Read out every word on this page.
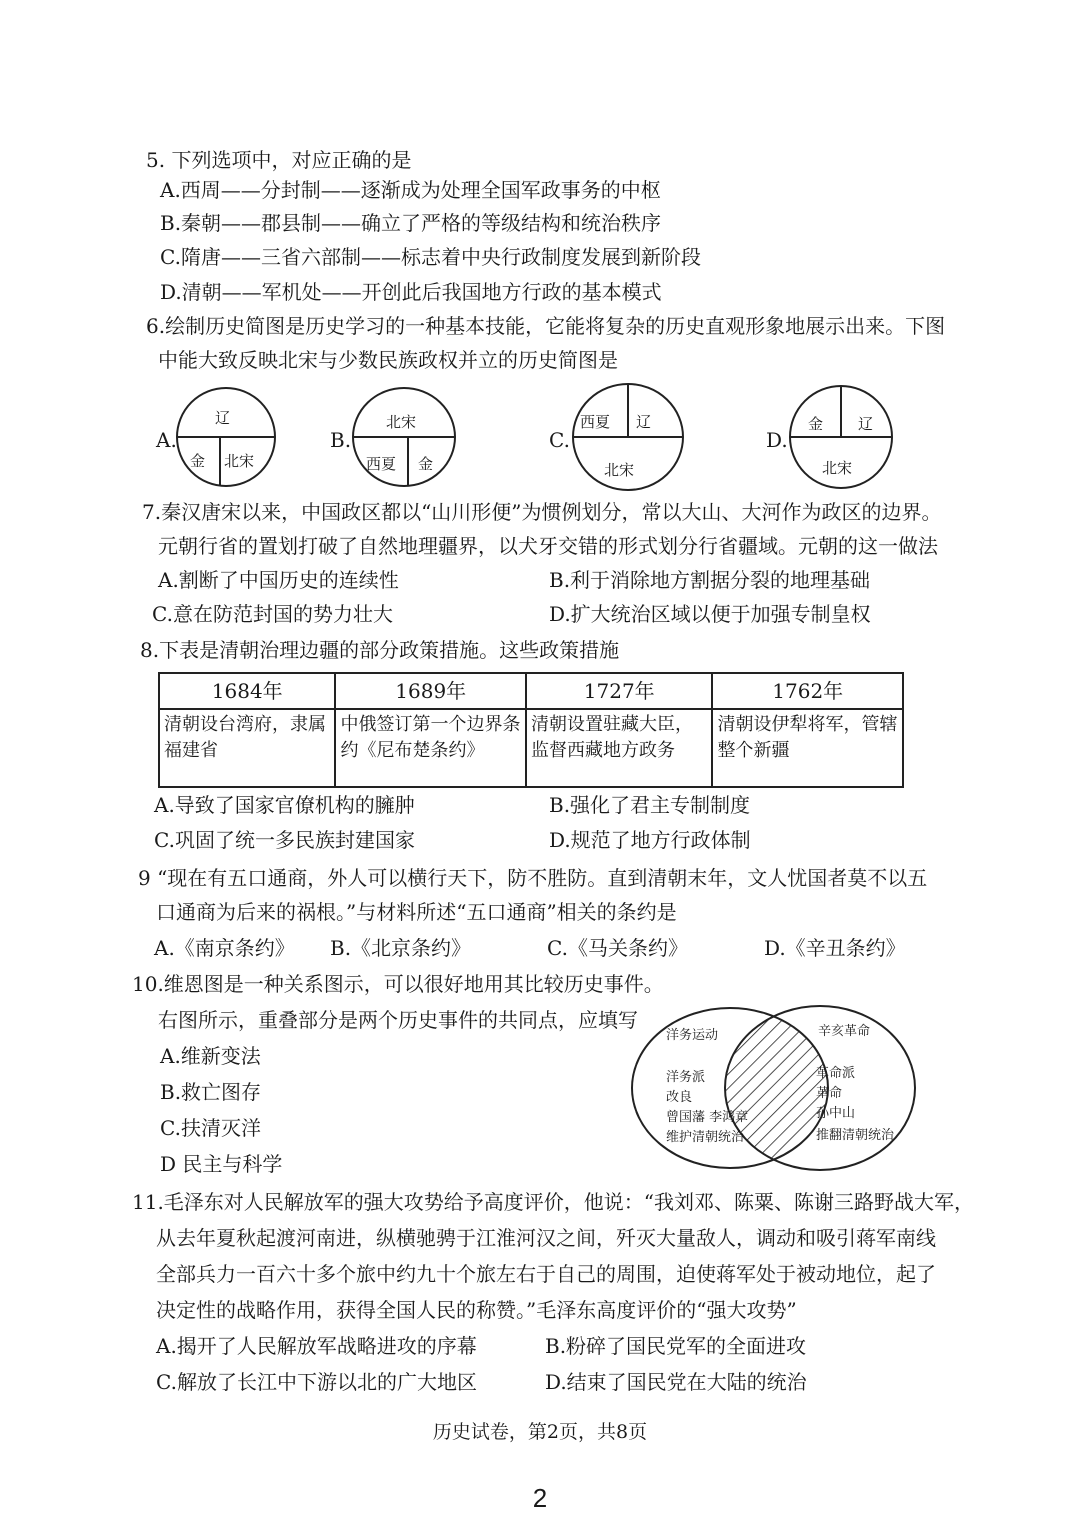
5. 下列选项中，对应正确的是
A.西周——分封制——逐渐成为处理全国军政事务的中枢
B.秦朝——郡县制——确立了严格的等级结构和统治秩序
C.隋唐——三省六部制——标志着中央行政制度发展到新阶段
D.清朝——军机处——开创此后我国地方行政的基本模式
6.绘制历史简图是历史学习的一种基本技能，它能将复杂的历史直观形象地展示出来。下图
中能大致反映北宋与少数民族政权并立的历史简图是
A.
辽
金 北宋
B.
北宋
西夏 金
C.
西夏 辽
北宋
D.
金 辽
北宋
7.秦汉唐宋以来，中国政区都以“山川形便”为惯例划分，常以大山、大河作为政区的边界。
元朝行省的置划打破了自然地理疆界，以犬牙交错的形式划分行省疆域。元朝的这一做法
A.割断了中国历史的连续性	B.利于消除地方割据分裂的地理基础
C.意在防范封国的势力壮大	D.扩大统治区域以便于加强专制皇权
8.下表是清朝治理边疆的部分政策措施。这些政策措施
1684年	1689年	1727年	1762年
清朝设台湾府，隶属福建省	中俄签订第一个边界条约《尼布楚条约》	清朝设置驻藏大臣，监督西藏地方政务	清朝设伊犁将军，管辖整个新疆
A.导致了国家官僚机构的臃肿	B.强化了君主专制制度
C.巩固了统一多民族封建国家	D.规范了地方行政体制
9 “现在有五口通商，外人可以横行天下，防不胜防。直到清朝末年，文人忧国者莫不以五
口通商为后来的祸根。”与材料所述“五口通商”相关的条约是
A.《南京条约》 B.《北京条约》	C.《马关条约》	D.《辛丑条约》
10.维恩图是一种关系图示，可以很好地用其比较历史事件。
右图所示，重叠部分是两个历史事件的共同点，应填写
A.维新变法
B.救亡图存
C.扶清灭洋
D 民主与科学
洋务运动
洋务派
改良
曾国藩 李鸿章
维护清朝统治
辛亥革命
革命派
革命
孙中山
推翻清朝统治
11.毛泽东对人民解放军的强大攻势给予高度评价，他说：“我刘邓、陈粟、陈谢三路野战大军，
从去年夏秋起渡河南进，纵横驰骋于江淮河汉之间，歼灭大量敌人，调动和吸引蒋军南线
全部兵力一百六十多个旅中约九十个旅左右于自己的周围，迫使蒋军处于被动地位，起了
决定性的战略作用，获得全国人民的称赞。”毛泽东高度评价的“强大攻势”
A.揭开了人民解放军战略进攻的序幕	B.粉碎了国民党军的全面进攻
C.解放了长江中下游以北的广大地区	D.结束了国民党在大陆的统治
历史试卷，第2页，共8页
2
